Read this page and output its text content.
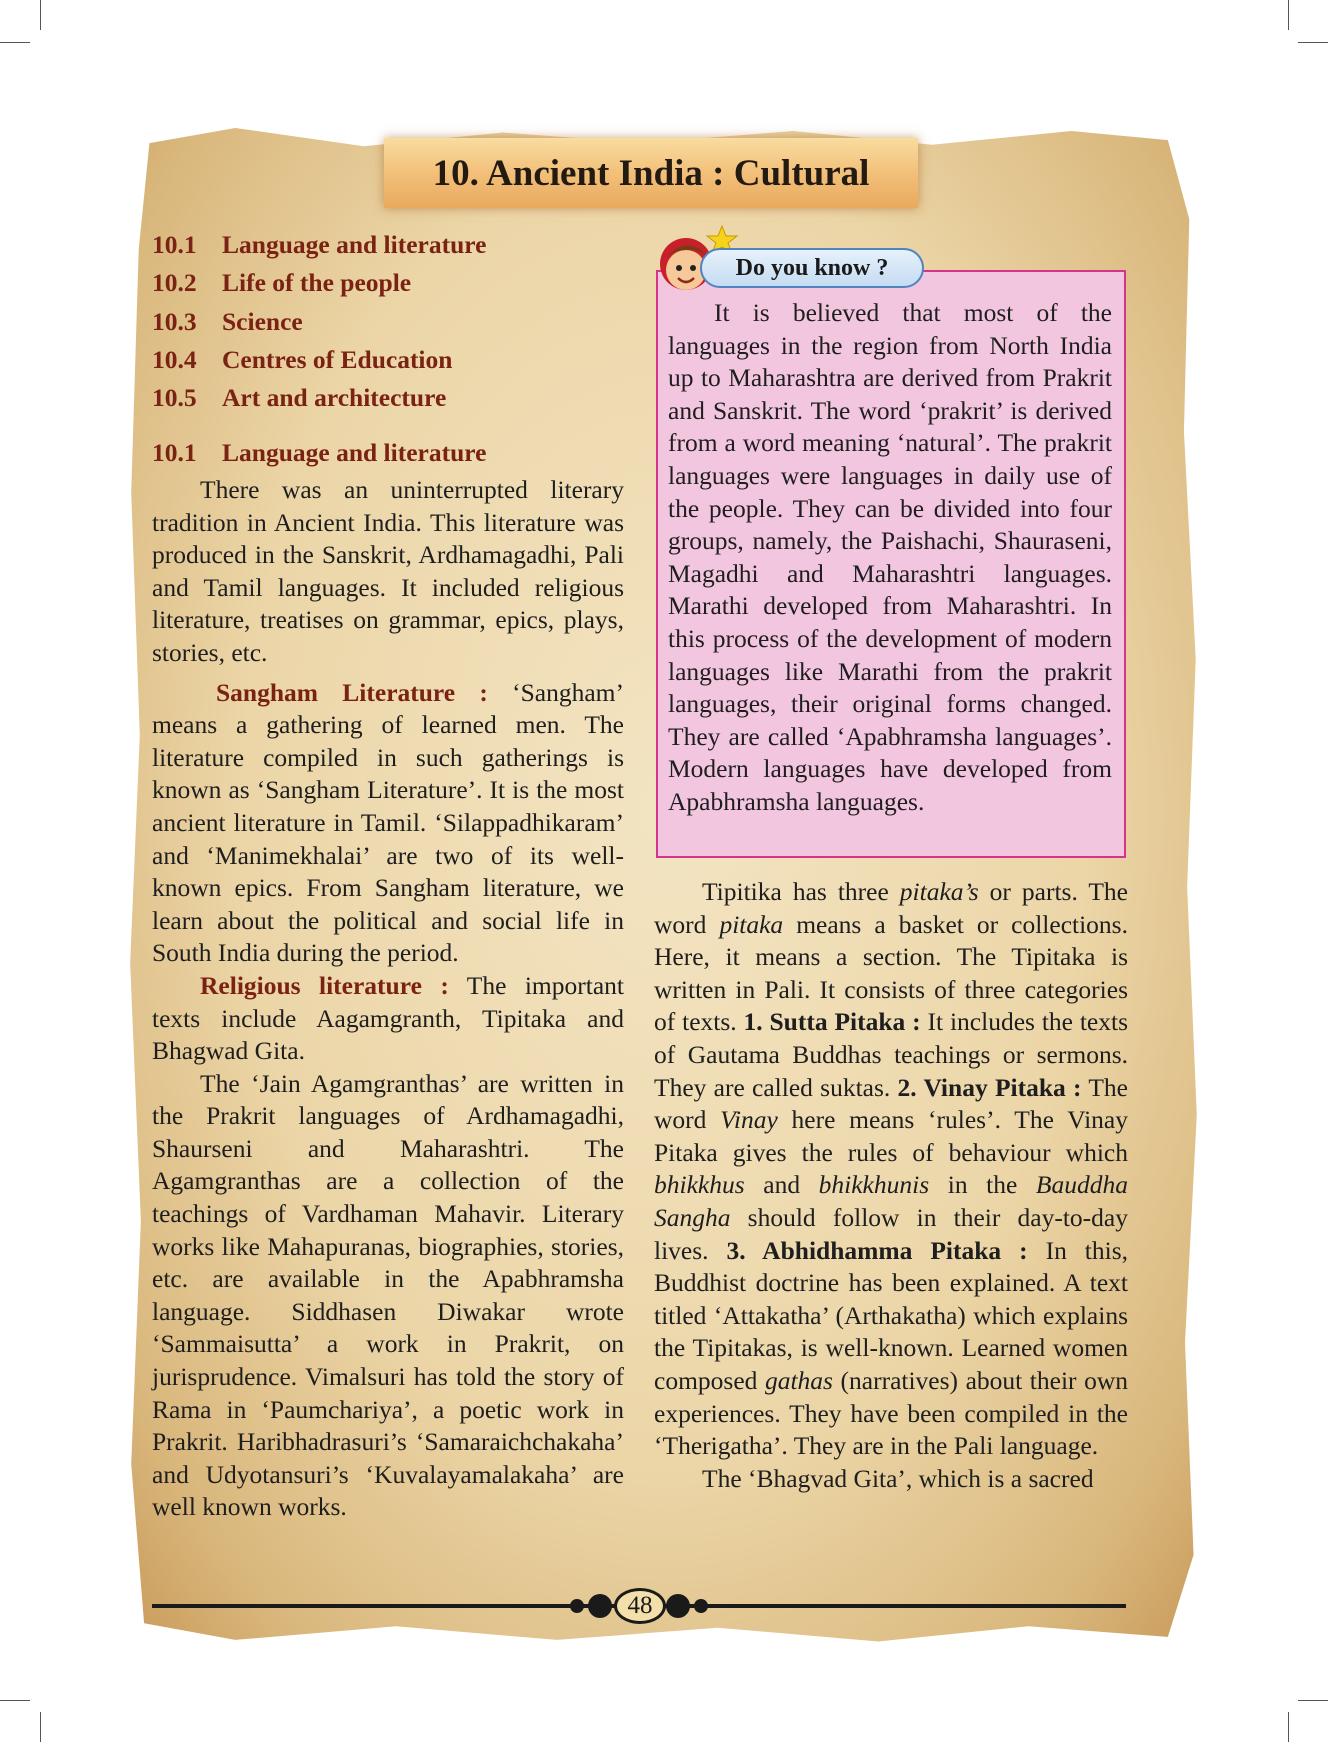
10. Ancient India : Cultural
10.1 Language and literature
10.2 Life of the people
10.3 Science
10.4 Centres of Education
10.5 Art and architecture
10.1 Language and literature

There was an uninterrupted literary tradition in Ancient India. This literature was produced in the Sanskrit, Ardhamagadhi, Pali and Tamil languages. It included religious literature, treatises on grammar, epics, plays, stories, etc.

Sangham Literature : ‘Sangham’ means a gathering of learned men. The literature compiled in such gatherings is known as ‘Sangham Literature’. It is the most ancient literature in Tamil. ‘Silappadhikaram’ and ‘Manimekhalai’ are two of its well-known epics. From Sangham literature, we learn about the political and social life in South India during the period.

Religious literature : The important texts include Aagamgranth, Tipitaka and Bhagwad Gita.

The ‘Jain Agamgranthas’ are written in the Prakrit languages of Ardhamagadhi, Shaurseni and Maharashtri. The Agamgranthas are a collection of the teachings of Vardhaman Mahavir. Literary works like Mahapuranas, biographies, stories, etc. are available in the Apabhramsha language. Siddhasen Diwakar wrote ‘Sammaisutta’ a work in Prakrit, on jurisprudence. Vimalsuri has told the story of Rama in ‘Paumchariya’, a poetic work in Prakrit. Haribhadrasuri’s ‘Samaraichchakaha’ and Udyotansuri’s ‘Kuvalayamalakaha’ are well known works.

Do you know ?

It is believed that most of the languages in the region from North India up to Maharashtra are derived from Prakrit and Sanskrit. The word ‘prakrit’ is derived from a word meaning ‘natural’. The prakrit languages were languages in daily use of the people. They can be divided into four groups, namely, the Paishachi, Shauraseni, Magadhi and Maharashtri languages. Marathi developed from Maharashtri. In this process of the development of modern languages like Marathi from the prakrit languages, their original forms changed. They are called ‘Apabhramsha languages’. Modern languages have developed from Apabhramsha languages.

Tipitika has three pitaka’s or parts. The word pitaka means a basket or collections. Here, it means a section. The Tipitaka is written in Pali. It consists of three categories of texts. 1. Sutta Pitaka : It includes the texts of Gautama Buddhas teachings or sermons. They are called suktas. 2. Vinay Pitaka : The word Vinay here means ‘rules’. The Vinay Pitaka gives the rules of behaviour which bhikkhus and bhikkhunis in the Bauddha Sangha should follow in their day-to-day lives. 3. Abhidhamma Pitaka : In this, Buddhist doctrine has been explained. A text titled ‘Attakatha’ (Arthakatha) which explains the Tipitakas, is well-known. Learned women composed gathas (narratives) about their own experiences. They have been compiled in the ‘Therigatha’. They are in the Pali language.

The ‘Bhagvad Gita’, which is a sacred

48
